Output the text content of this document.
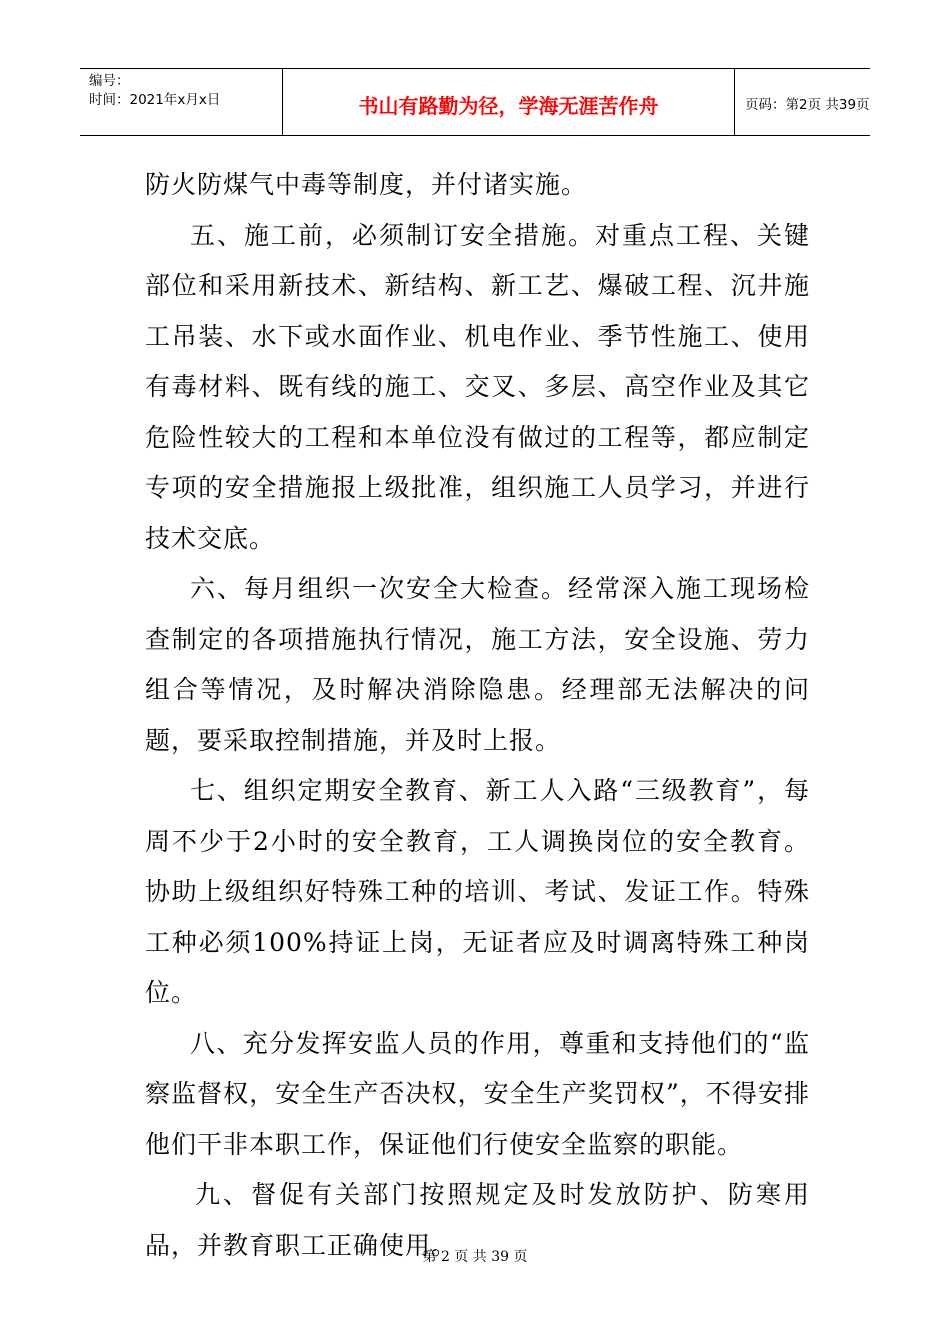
编号：
时间：2021年x月x日	书山有路勤为径，学海无涯苦作舟	页码：第2页 共39页

防火防煤气中毒等制度，并付诸实施。

五、施工前，必须制订安全措施。对重点工程、关键部位和采用新技术、新结构、新工艺、爆破工程、沉井施工吊装、水下或水面作业、机电作业、季节性施工、使用有毒材料、既有线的施工、交叉、多层、高空作业及其它危险性较大的工程和本单位没有做过的工程等，都应制定专项的安全措施报上级批准，组织施工人员学习，并进行技术交底。

六、每月组织一次安全大检查。经常深入施工现场检查制定的各项措施执行情况，施工方法，安全设施、劳力组合等情况，及时解决消除隐患。经理部无法解决的问题，要采取控制措施，并及时上报。

七、组织定期安全教育、新工人入路“三级教育”，每周不少于2小时的安全教育，工人调换岗位的安全教育。协助上级组织好特殊工种的培训、考试、发证工作。特殊工种必须100%持证上岗，无证者应及时调离特殊工种岗位。

八、充分发挥安监人员的作用，尊重和支持他们的“监察监督权，安全生产否决权，安全生产奖罚权”，不得安排他们干非本职工作，保证他们行使安全监察的职能。

九、督促有关部门按照规定及时发放防护、防寒用品，并教育职工正确使用。

第 2 页 共 39 页
